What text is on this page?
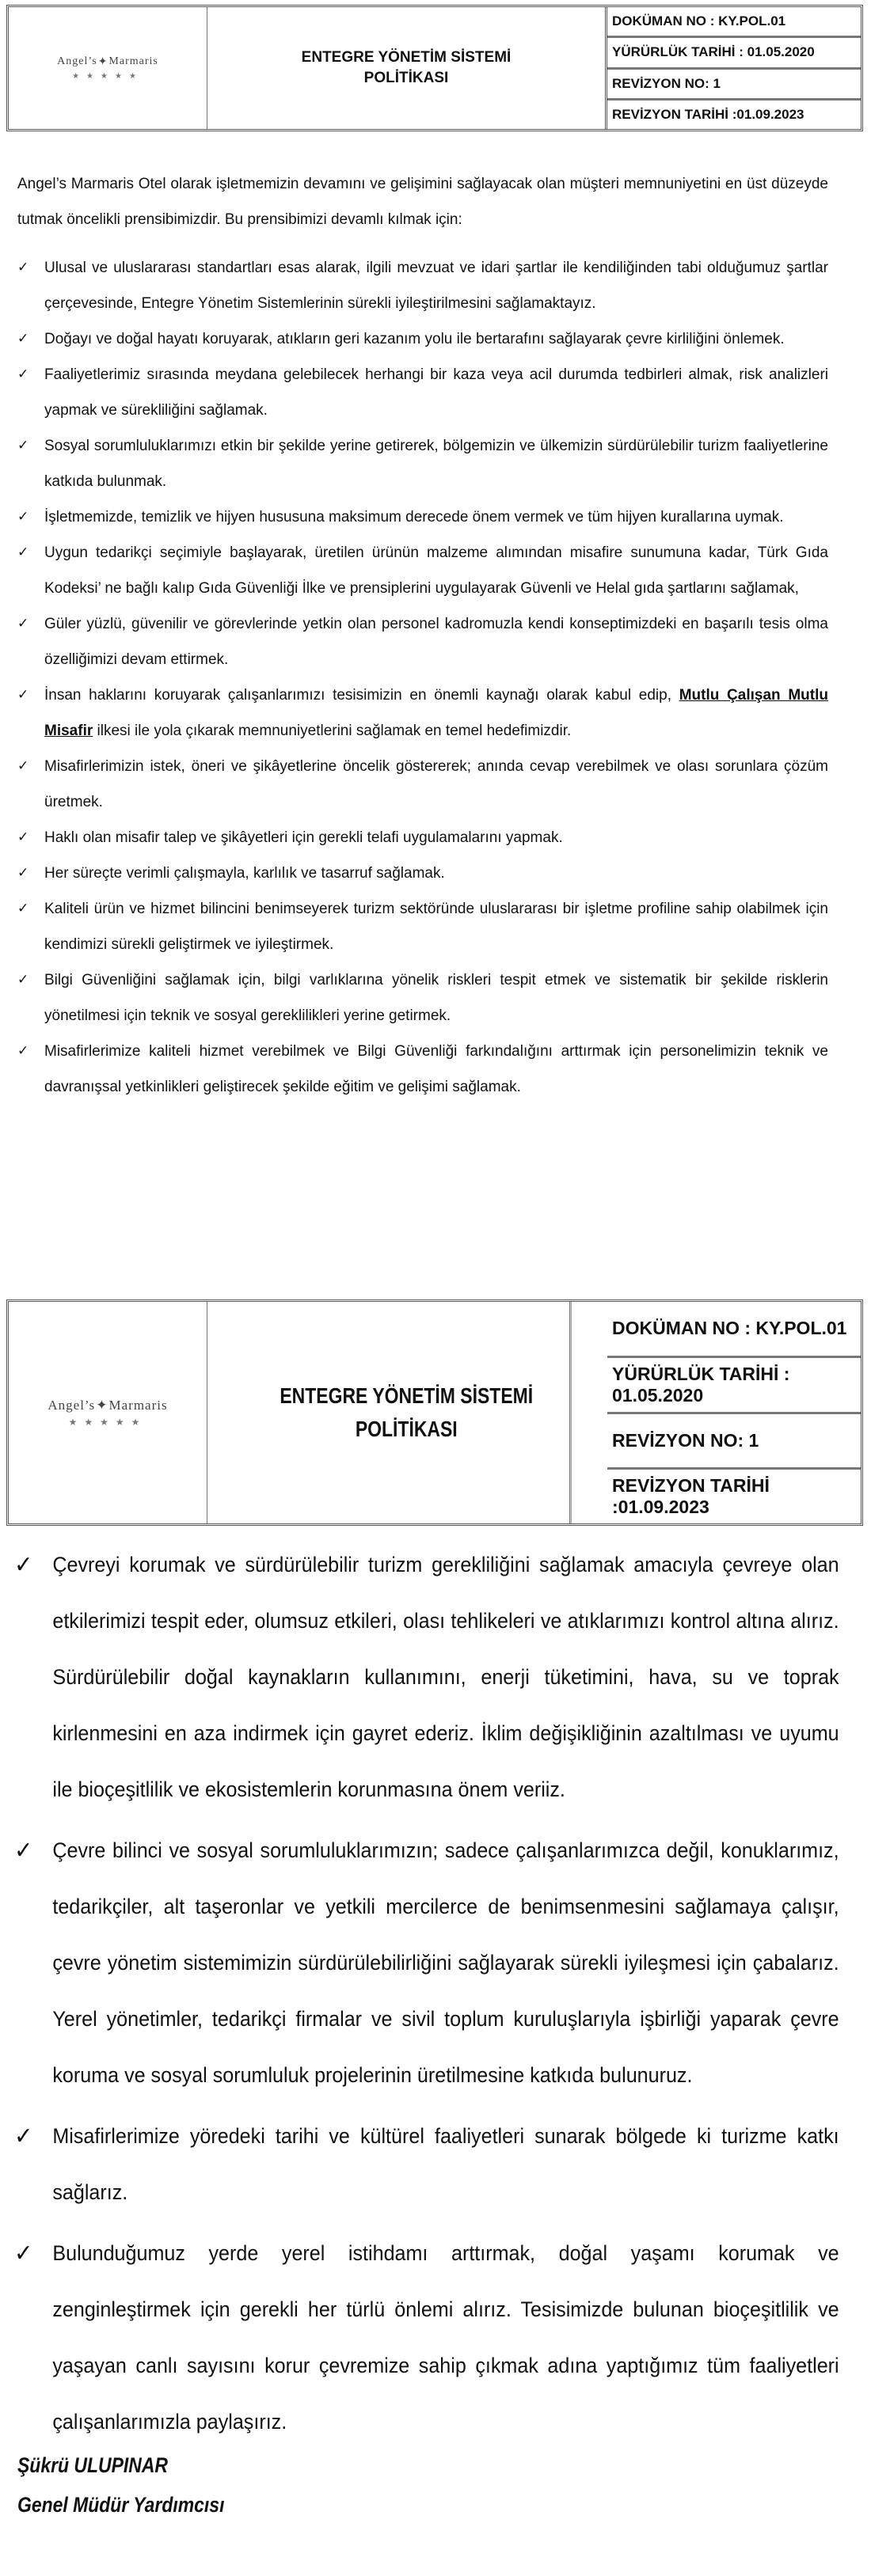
Angel’s ✦ Marmaris
★★★★★
ENTEGRE YÖNETİM SİSTEMİ
POLİTİKASI
DOKÜMAN NO : KY.POL.01
YÜRÜRLÜK TARİHİ : 01.05.2020
REVİZYON NO: 1
REVİZYON TARİHİ :01.09.2023

Angel’s Marmaris Otel olarak işletmemizin devamını ve gelişimini sağlayacak olan müşteri memnuniyetini en üst düzeyde tutmak öncelikli prensibimizdir. Bu prensibimizi devamlı kılmak için:

✓ Ulusal ve uluslararası standartları esas alarak, ilgili mevzuat ve idari şartlar ile kendiliğinden tabi olduğumuz şartlar çerçevesinde, Entegre Yönetim Sistemlerinin sürekli iyileştirilmesini sağlamaktayız.
✓ Doğayı ve doğal hayatı koruyarak, atıkların geri kazanım yolu ile bertarafını sağlayarak çevre kirliliğini önlemek.
✓ Faaliyetlerimiz sırasında meydana gelebilecek herhangi bir kaza veya acil durumda tedbirleri almak, risk analizleri yapmak ve sürekliliğini sağlamak.
✓ Sosyal sorumluluklarımızı etkin bir şekilde yerine getirerek, bölgemizin ve ülkemizin sürdürülebilir turizm faaliyetlerine katkıda bulunmak.
✓ İşletmemizde, temizlik ve hijyen hususuna maksimum derecede önem vermek ve tüm hijyen kurallarına uymak.
✓ Uygun tedarikçi seçimiyle başlayarak, üretilen ürünün malzeme alımından misafire sunumuna kadar, Türk Gıda Kodeksi’ ne bağlı kalıp Gıda Güvenliği İlke ve prensiplerini uygulayarak Güvenli ve Helal gıda şartlarını sağlamak,
✓ Güler yüzlü, güvenilir ve görevlerinde yetkin olan personel kadromuzla kendi konseptimizdeki en başarılı tesis olma özelliğimizi devam ettirmek.
✓ İnsan haklarını koruyarak çalışanlarımızı tesisimizin en önemli kaynağı olarak kabul edip, Mutlu Çalışan Mutlu Misafir ilkesi ile yola çıkarak memnuniyetlerini sağlamak en temel hedefimizdir.
✓ Misafirlerimizin istek, öneri ve şikâyetlerine öncelik göstererek; anında cevap verebilmek ve olası sorunlara çözüm üretmek.
✓ Haklı olan misafir talep ve şikâyetleri için gerekli telafi uygulamalarını yapmak.
✓ Her süreçte verimli çalışmayla, karlılık ve tasarruf sağlamak.
✓ Kaliteli ürün ve hizmet bilincini benimseyerek turizm sektöründe uluslararası bir işletme profiline sahip olabilmek için kendimizi sürekli geliştirmek ve iyileştirmek.
✓ Bilgi Güvenliğini sağlamak için, bilgi varlıklarına yönelik riskleri tespit etmek ve sistematik bir şekilde risklerin yönetilmesi için teknik ve sosyal gereklilikleri yerine getirmek.
✓ Misafirlerimize kaliteli hizmet verebilmek ve Bilgi Güvenliği farkındalığını arttırmak için personelimizin teknik ve davranışsal yetkinlikleri geliştirecek şekilde eğitim ve gelişimi sağlamak.
Angel’s ✦ Marmaris
★★★★★
ENTEGRE YÖNETİM SİSTEMİ
POLİTİKASI
DOKÜMAN NO : KY.POL.01
YÜRÜRLÜK TARİHİ : 01.05.2020
REVİZYON NO: 1
REVİZYON TARİHİ :01.09.2023
✓ Çevreyi korumak ve sürdürülebilir turizm gerekliliğini sağlamak amacıyla çevreye olan etkilerimizi tespit eder, olumsuz etkileri, olası tehlikeleri ve atıklarımızı kontrol altına alırız. Sürdürülebilir doğal kaynakların kullanımını, enerji tüketimini, hava, su ve toprak kirlenmesini en aza indirmek için gayret ederiz. İklim değişikliğinin azaltılması ve uyumu ile bioçeşitlilik ve ekosistemlerin korunmasına önem veriiz.
✓ Çevre bilinci ve sosyal sorumluluklarımızın; sadece çalışanlarımızca değil, konuklarımız, tedarikçiler, alt taşeronlar ve yetkili mercilerce de benimsenmesini sağlamaya çalışır, çevre yönetim sistemimizin sürdürülebilirliğini sağlayarak sürekli iyileşmesi için çabalarız. Yerel yönetimler, tedarikçi firmalar ve sivil toplum kuruluşlarıyla işbirliği yaparak çevre koruma ve sosyal sorumluluk projelerinin üretilmesine katkıda bulunuruz.
✓ Misafirlerimize yöredeki tarihi ve kültürel faaliyetleri sunarak bölgede ki turizme katkı sağlarız.
✓ Bulunduğumuz yerde yerel istihdamı arttırmak, doğal yaşamı korumak ve zenginleştirmek için gerekli her türlü önlemi alırız. Tesisimizde bulunan bioçeşitlilik ve yaşayan canlı sayısını korur çevremize sahip çıkmak adına yaptığımız tüm faaliyetleri çalışanlarımızla paylaşırız.
Şükrü ULUPINAR
Genel Müdür Yardımcısı
